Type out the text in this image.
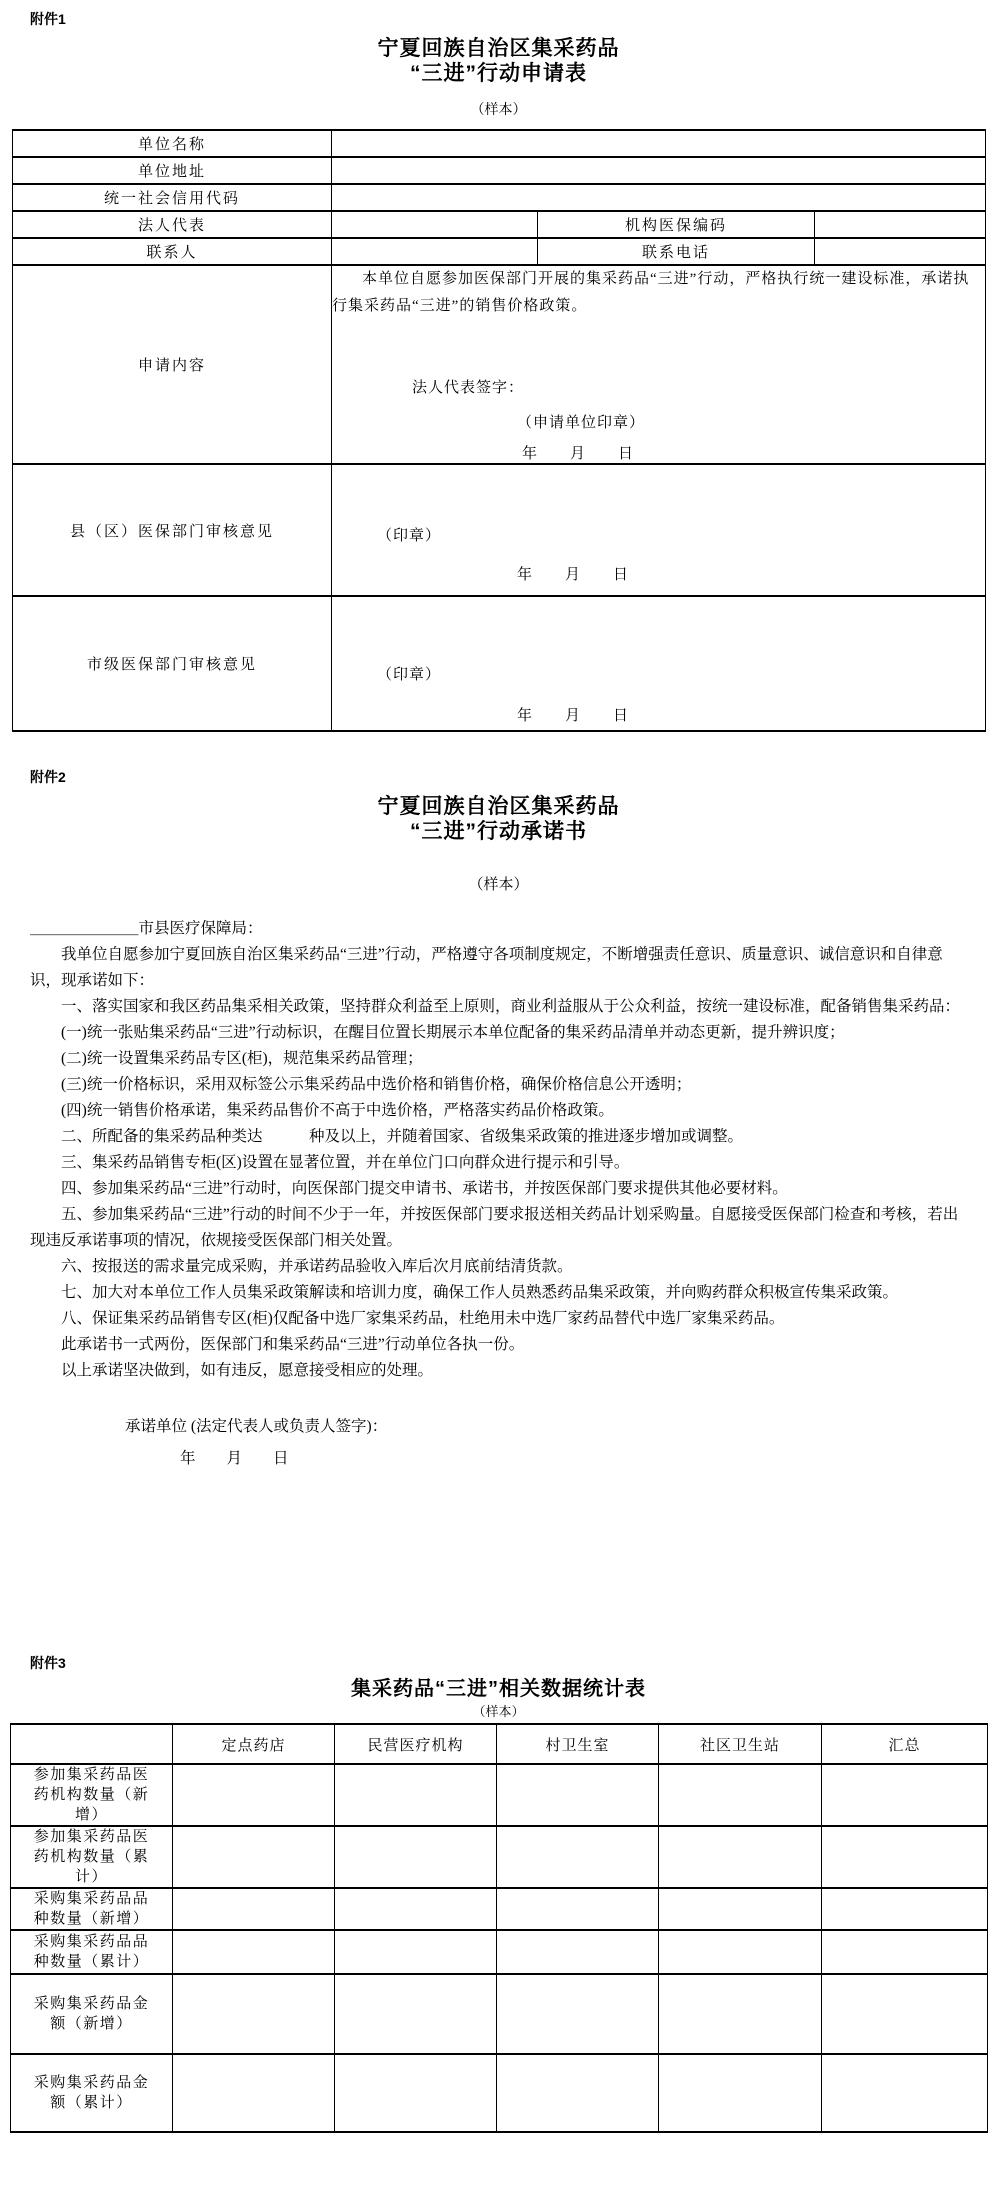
附件1
宁夏回族自治区集采药品
“三进”行动申请表
（样本）
单位名称			
单位地址			
统一社会信用代码			
法人代表		机构医保编码	
联系人		联系电话	
申请内容	本单位自愿参加医保部门开展的集采药品“三进”行动，严格执行统一建设标准，承诺执行集采药品“三进”的销售价格政策。

法人代表签字：
（申请单位印章）
年　　月　　日		

县（区）医保部门审核意见	（印章）
年　　月　　日		

市级医保部门审核意见	（印章）
年　　月　　日		
附件2
宁夏回族自治区集采药品
“三进”行动承诺书
（样本）

＿＿＿＿＿＿＿市县医疗保障局：

我单位自愿参加宁夏回族自治区集采药品“三进”行动，严格遵守各项制度规定，不断增强责任意识、质量意识、诚信意识和自律意识，现承诺如下：

一、落实国家和我区药品集采相关政策，坚持群众利益至上原则，商业利益服从于公众利益，按统一建设标准，配备销售集采药品：

(一)统一张贴集采药品“三进”行动标识，在醒目位置长期展示本单位配备的集采药品清单并动态更新，提升辨识度；

(二)统一设置集采药品专区(柜)，规范集采药品管理；

(三)统一价格标识，采用双标签公示集采药品中选价格和销售价格，确保价格信息公开透明；

(四)统一销售价格承诺，集采药品售价不高于中选价格，严格落实药品价格政策。

二、所配备的集采药品种类达　　　种及以上，并随着国家、省级集采政策的推进逐步增加或调整。

三、集采药品销售专柜(区)设置在显著位置，并在单位门口向群众进行提示和引导。

四、参加集采药品“三进”行动时，向医保部门提交申请书、承诺书，并按医保部门要求提供其他必要材料。

五、参加集采药品“三进”行动的时间不少于一年，并按医保部门要求报送相关药品计划采购量。自愿接受医保部门检查和考核，若出现违反承诺事项的情况，依规接受医保部门相关处置。

六、按报送的需求量完成采购，并承诺药品验收入库后次月底前结清货款。

七、加大对本单位工作人员集采政策解读和培训力度，确保工作人员熟悉药品集采政策，并向购药群众积极宣传集采政策。

八、保证集采药品销售专区(柜)仅配备中选厂家集采药品，杜绝用未中选厂家药品替代中选厂家集采药品。

此承诺书一式两份，医保部门和集采药品“三进”行动单位各执一份。

以上承诺坚决做到，如有违反，愿意接受相应的处理。

承诺单位 (法定代表人或负责人签字)：
年　　月　　日
附件3
集采药品“三进”相关数据统计表
（样本）
	定点药店	民营医疗机构	村卫生室	社区卫生站	汇总
参加集采药品医药机构数量（新增）					
参加集采药品医药机构数量（累计）					
采购集采药品品种数量（新增）					
采购集采药品品种数量（累计）					
采购集采药品金额（新增）					
采购集采药品金额（累计）					
